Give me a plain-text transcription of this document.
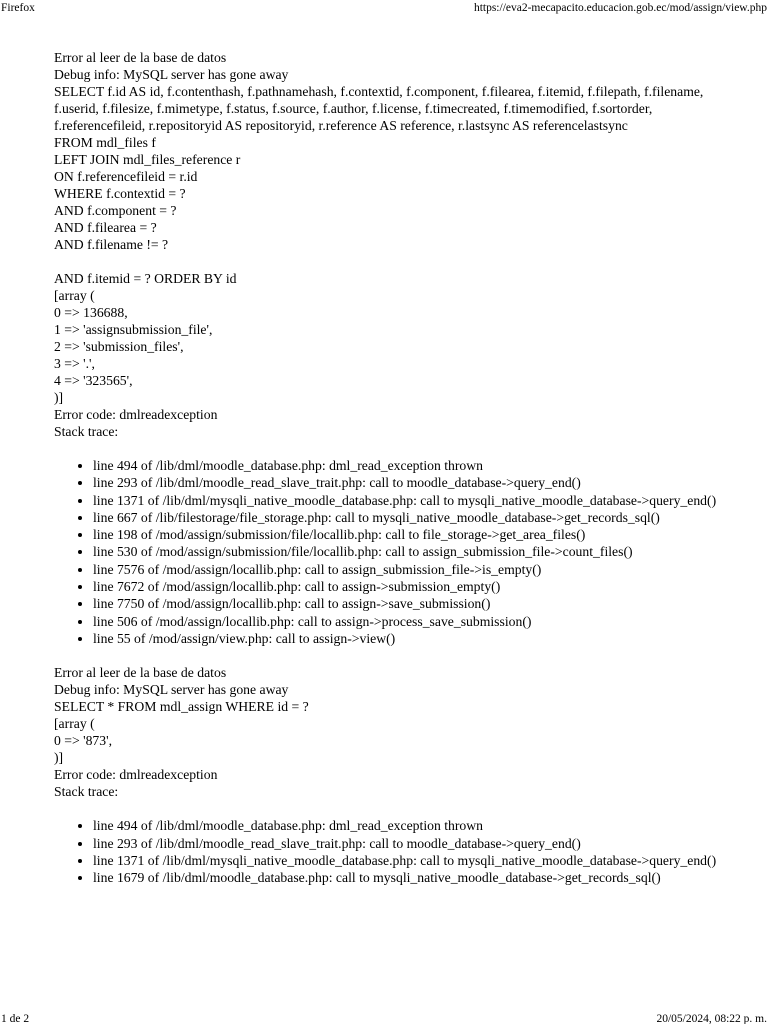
Firefox	https://eva2-mecapacito.educacion.gob.ec/mod/assign/view.php
Error al leer de la base de datos
Debug info: MySQL server has gone away
SELECT f.id AS id, f.contenthash, f.pathnamehash, f.contextid, f.component, f.filearea, f.itemid, f.filepath, f.filename, f.userid, f.filesize, f.mimetype, f.status, f.source, f.author, f.license, f.timecreated, f.timemodified, f.sortorder, f.referencefileid, r.repositoryid AS repositoryid, r.reference AS reference, r.lastsync AS referencelastsync
FROM mdl_files f
LEFT JOIN mdl_files_reference r
ON f.referencefileid = r.id
WHERE f.contextid = ?
AND f.component = ?
AND f.filearea = ?
AND f.filename != ?
AND f.itemid = ? ORDER BY id
[array (
0 => 136688,
1 => 'assignsubmission_file',
2 => 'submission_files',
3 => '.',
4 => '323565',
)]
Error code: dmlreadexception
Stack trace:
• line 494 of /lib/dml/moodle_database.php: dml_read_exception thrown
• line 293 of /lib/dml/moodle_read_slave_trait.php: call to moodle_database->query_end()
• line 1371 of /lib/dml/mysqli_native_moodle_database.php: call to mysqli_native_moodle_database->query_end()
• line 667 of /lib/filestorage/file_storage.php: call to mysqli_native_moodle_database->get_records_sql()
• line 198 of /mod/assign/submission/file/locallib.php: call to file_storage->get_area_files()
• line 530 of /mod/assign/submission/file/locallib.php: call to assign_submission_file->count_files()
• line 7576 of /mod/assign/locallib.php: call to assign_submission_file->is_empty()
• line 7672 of /mod/assign/locallib.php: call to assign->submission_empty()
• line 7750 of /mod/assign/locallib.php: call to assign->save_submission()
• line 506 of /mod/assign/locallib.php: call to assign->process_save_submission()
• line 55 of /mod/assign/view.php: call to assign->view()
Error al leer de la base de datos
Debug info: MySQL server has gone away
SELECT * FROM mdl_assign WHERE id = ?
[array (
0 => '873',
)]
Error code: dmlreadexception
Stack trace:
• line 494 of /lib/dml/moodle_database.php: dml_read_exception thrown
• line 293 of /lib/dml/moodle_read_slave_trait.php: call to moodle_database->query_end()
• line 1371 of /lib/dml/mysqli_native_moodle_database.php: call to mysqli_native_moodle_database->query_end()
• line 1679 of /lib/dml/moodle_database.php: call to mysqli_native_moodle_database->get_records_sql()
1 de 2	20/05/2024, 08:22 p. m.
